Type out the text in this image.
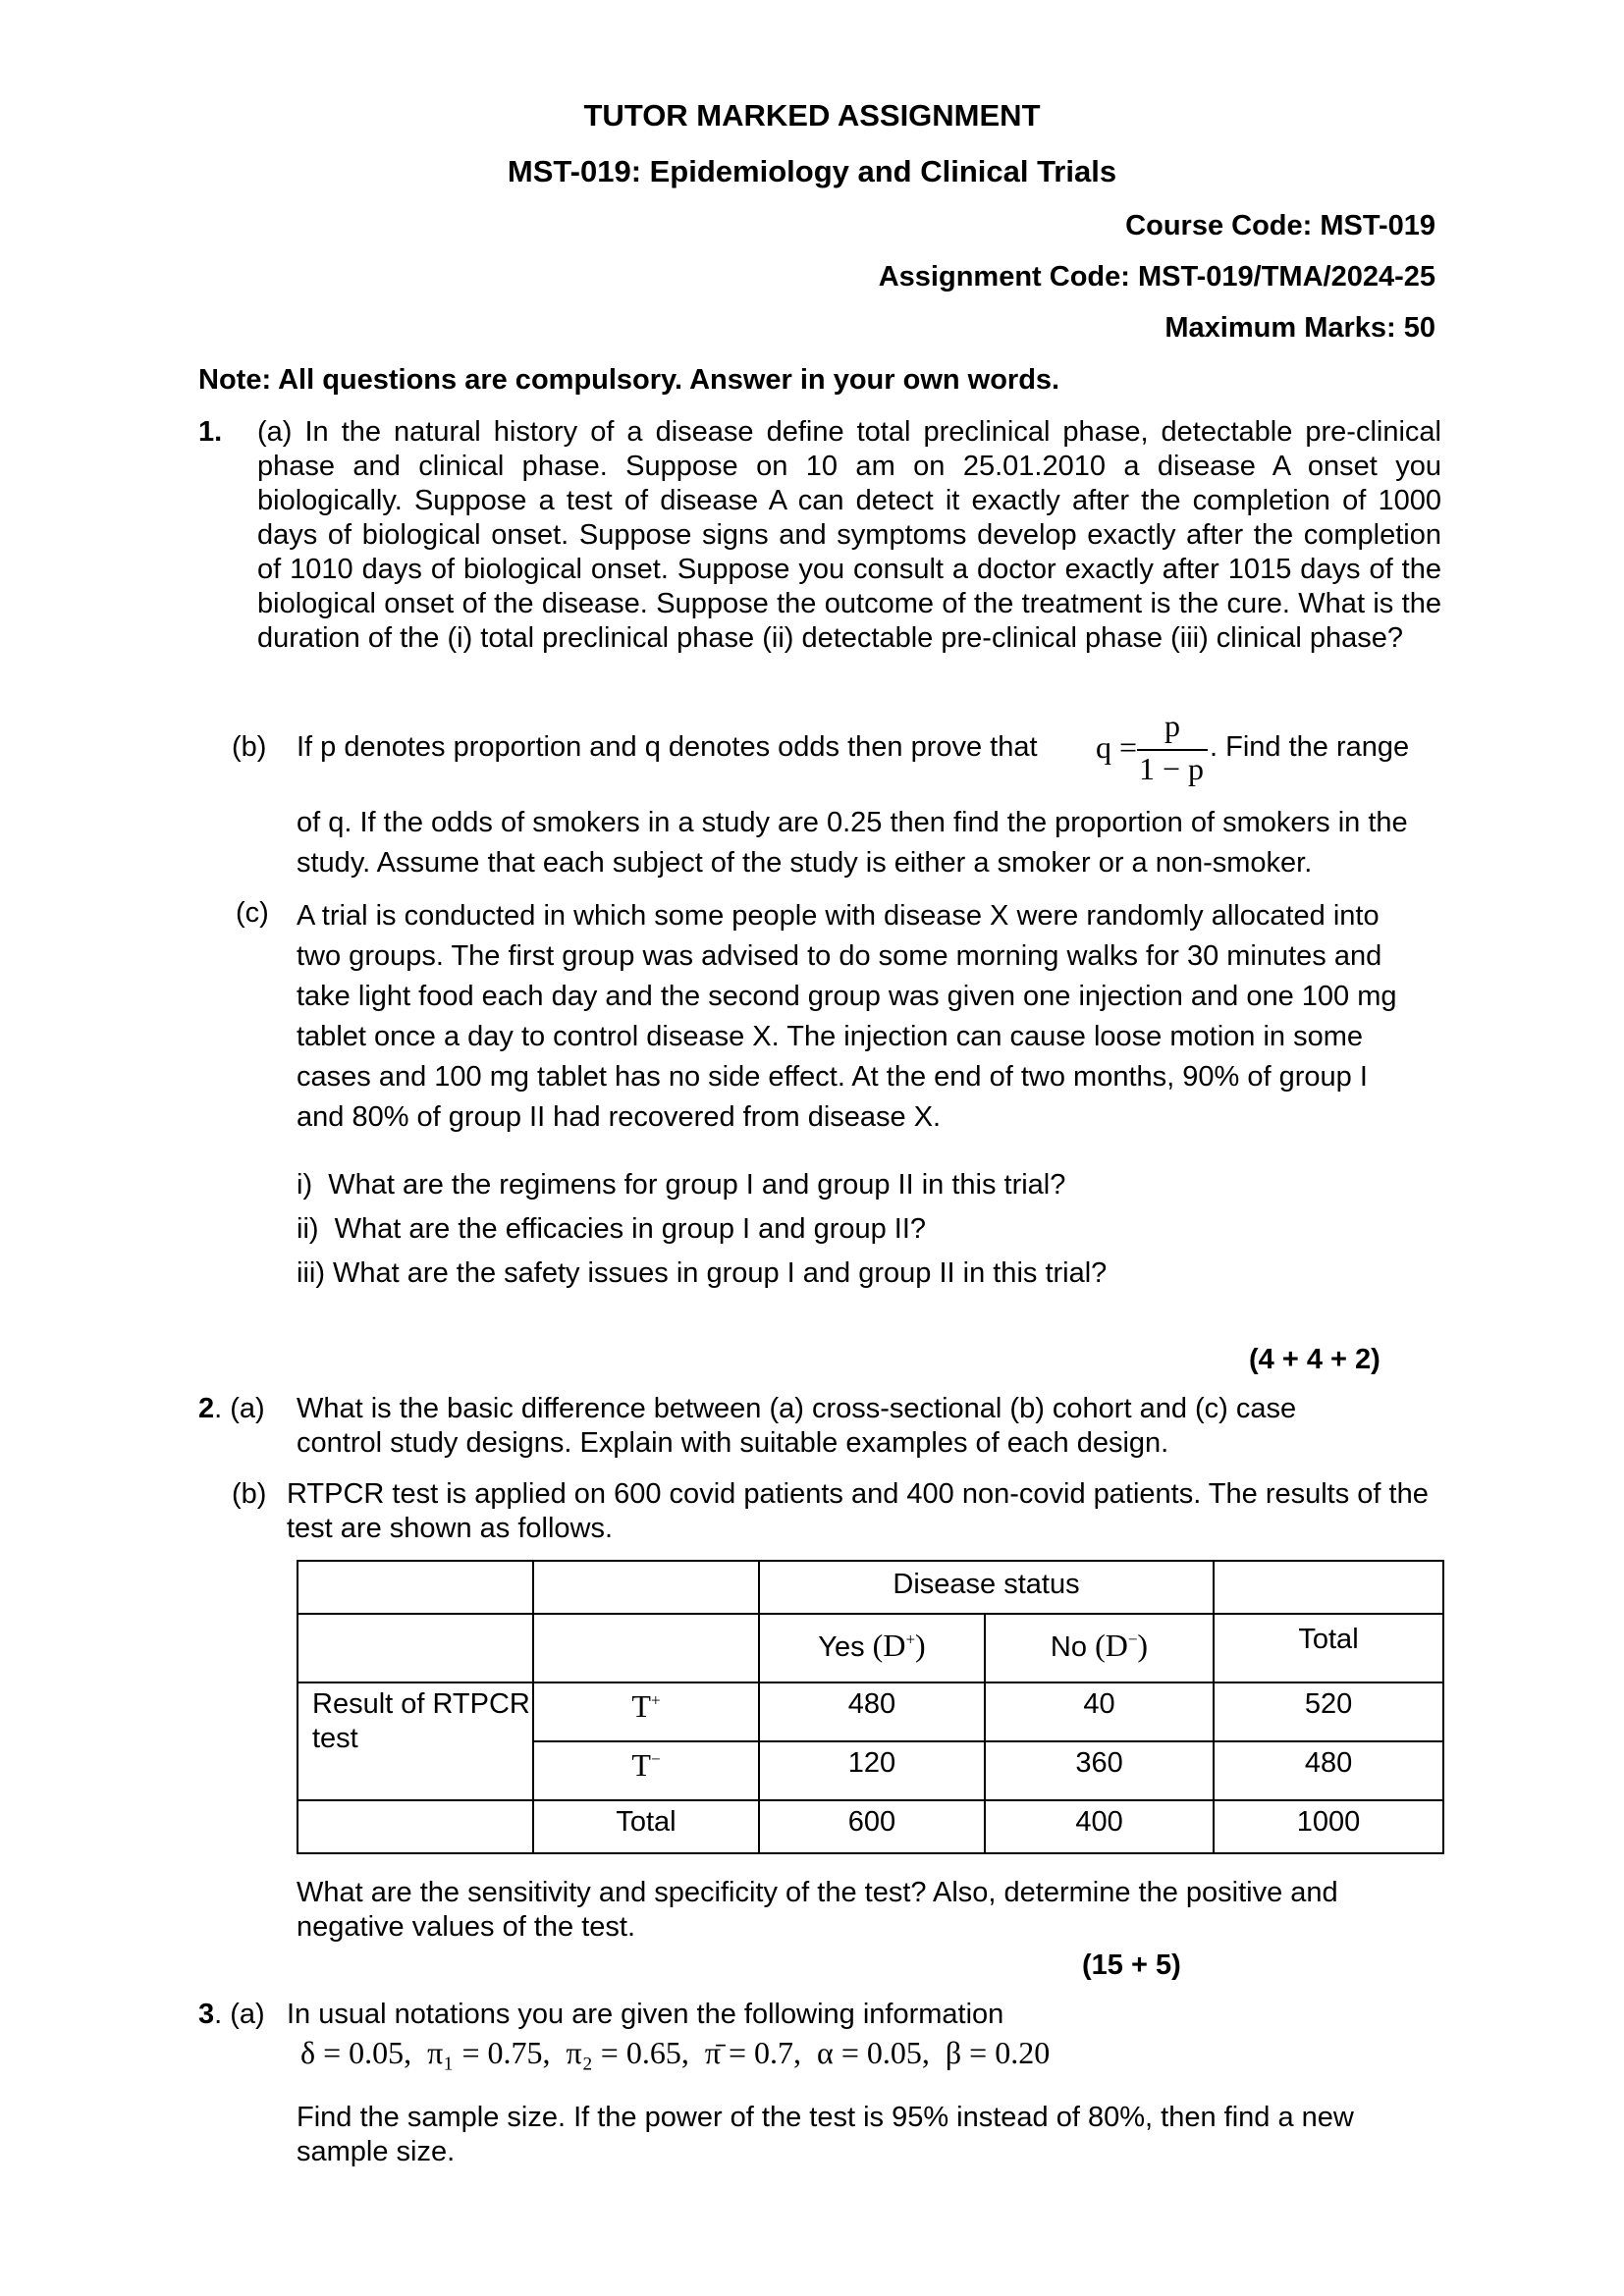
TUTOR MARKED ASSIGNMENT
MST-019: Epidemiology and Clinical Trials
Course Code: MST-019
Assignment Code: MST-019/TMA/2024-25
Maximum Marks: 50
Note: All questions are compulsory. Answer in your own words.
1. (a) In the natural history of a disease define total preclinical phase, detectable pre-clinical phase and clinical phase. Suppose on 10 am on 25.01.2010 a disease A onset you biologically. Suppose a test of disease A can detect it exactly after the completion of 1000 days of biological onset. Suppose signs and symptoms develop exactly after the completion of 1010 days of biological onset. Suppose you consult a doctor exactly after 1015 days of the biological onset of the disease. Suppose the outcome of the treatment is the cure. What is the duration of the (i) total preclinical phase (ii) detectable pre-clinical phase (iii) clinical phase?
(b) If p denotes proportion and q denotes odds then prove that q =
p
1 − p
. Find the range
of q. If the odds of smokers in a study are 0.25 then find the proportion of smokers in the study. Assume that each subject of the study is either a smoker or a non-smoker.
(c) A trial is conducted in which some people with disease X were randomly allocated into two groups. The first group was advised to do some morning walks for 30 minutes and take light food each day and the second group was given one injection and one 100 mg tablet once a day to control disease X. The injection can cause loose motion in some cases and 100 mg tablet has no side effect. At the end of two months, 90% of group I and 80% of group II had recovered from disease X.
i)  What are the regimens for group I and group II in this trial?
ii)  What are the efficacies in group I and group II?
iii) What are the safety issues in group I and group II in this trial?
(4 + 4 + 2)
2. (a) What is the basic difference between (a) cross-sectional (b) cohort and (c) case control study designs. Explain with suitable examples of each design.
(b) RTPCR test is applied on 600 covid patients and 400 non-covid patients. The results of the test are shown as follows.
		Disease status		
		Yes (D+)	No (D−)	Total
Result of RTPCR test	T+	480	40	520
	T−	120	360	480
	Total	600	400	1000
What are the sensitivity and specificity of the test? Also, determine the positive and negative values of the test.
(15 + 5)
3. (a) In usual notations you are given the following information
δ = 0.05,  π₁ = 0.75,  π₂ = 0.65,  π̄ = 0.7,  α = 0.05,  β = 0.20
Find the sample size. If the power of the test is 95% instead of 80%, then find a new sample size.
